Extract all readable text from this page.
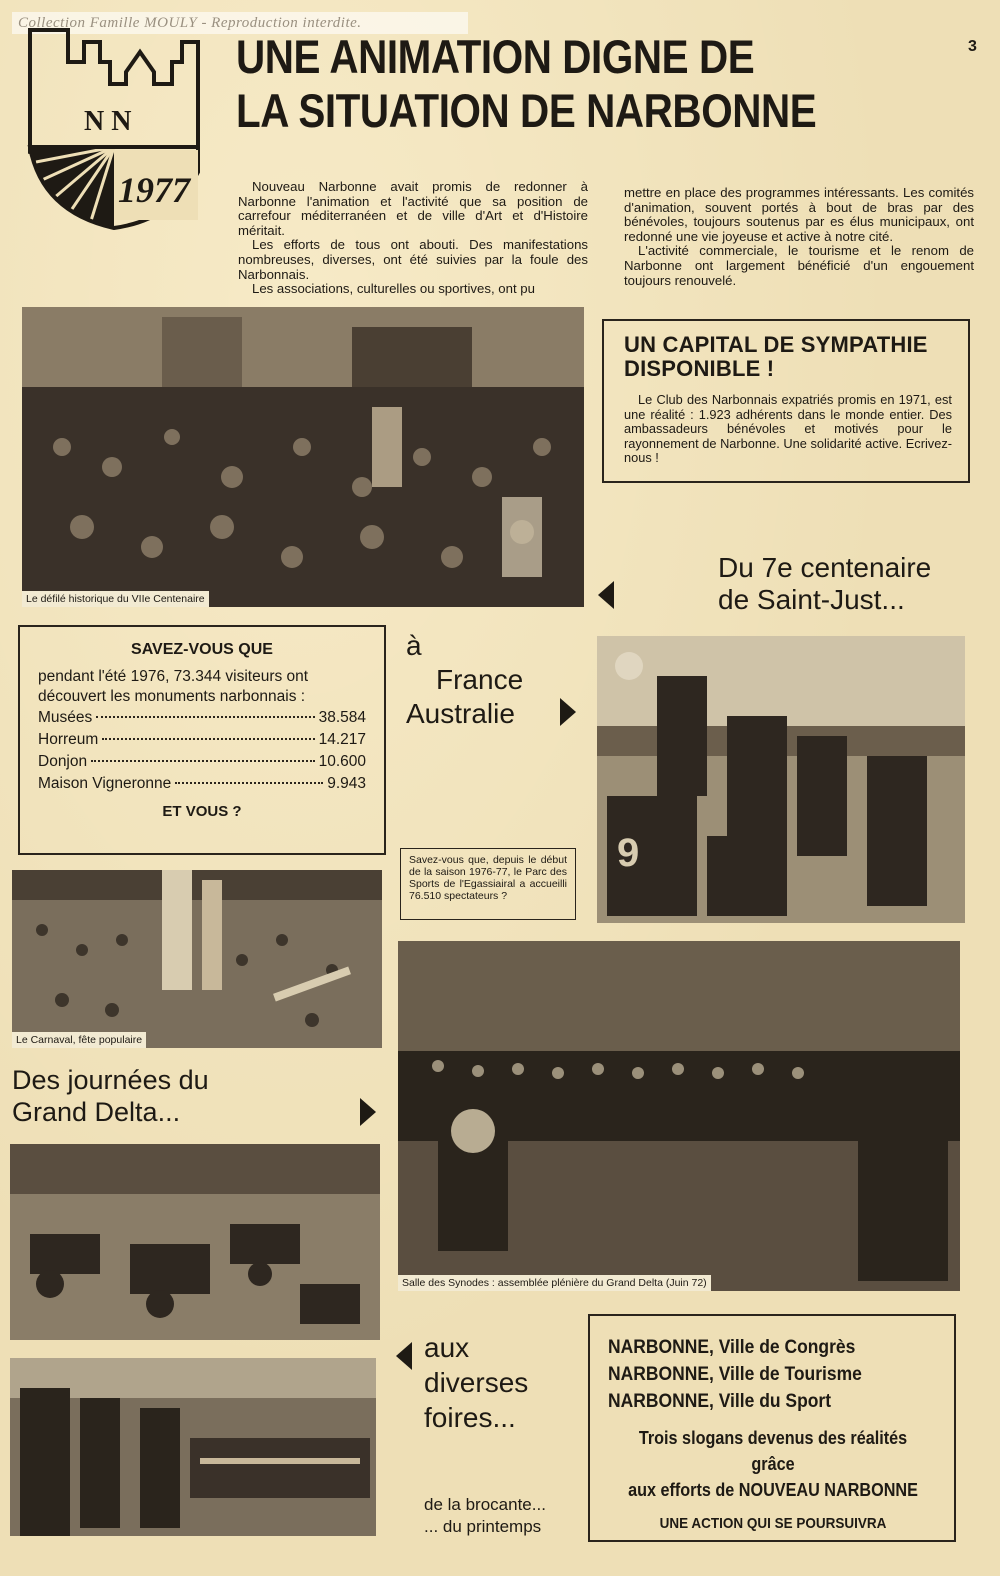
Collection Famille MOULY - Reproduction interdite.
3
N N
1977
UNE ANIMATION DIGNE DE
LA SITUATION DE NARBONNE

Nouveau Narbonne avait promis de redonner à Narbonne l'animation et l'activité que sa position de carrefour méditerranéen et de ville d'Art et d'Histoire méritait.

Les efforts de tous ont abouti. Des manifestations nombreuses, diverses, ont été suivies par la foule des Narbonnais.

Les associations, culturelles ou sportives, ont pu

mettre en place des programmes intéressants. Les comités d'animation, souvent portés à bout de bras par des bénévoles, toujours soutenus par es élus municipaux, ont redonné une vie joyeuse et active à notre cité.

L'activité commerciale, le tourisme et le renom de Narbonne ont largement bénéficié d'un engouement toujours renouvelé.

Le défilé historique du VIIe Centenaire
UN CAPITAL DE SYMPATHIE
DISPONIBLE !

Le Club des Narbonnais expatriés promis en 1971, est une réalité : 1.923 adhérents dans le monde entier. Des ambassadeurs bénévoles et motivés pour le rayonnement de Narbonne. Une solidarité active. Ecrivez-nous !

Du 7e centenaire
de Saint-Just...
SAVEZ-VOUS QUE
pendant l'été 1976, 73.344 visiteurs ont découvert les monuments narbonnais :
Musées	38.584
Horreum	14.217
Donjon	10.600
Maison Vigneronne	9.943
ET VOUS ?
à
France
Australie
9
Savez-vous que, depuis le début de la saison 1976-77, le Parc des Sports de l'Egassiairal a accueilli 76.510 spectateurs ?
Le Carnaval, fête populaire
Salle des Synodes : assemblée plénière du Grand Delta (Juin 72)
Des journées du
Grand Delta...
aux
diverses
foires...
de la brocante...
... du printemps
NARBONNE, Ville de Congrès
NARBONNE, Ville de Tourisme
NARBONNE, Ville du Sport
Trois slogans devenus des réalités grâce
aux efforts de NOUVEAU NARBONNE
UNE ACTION QUI SE POURSUIVRA
